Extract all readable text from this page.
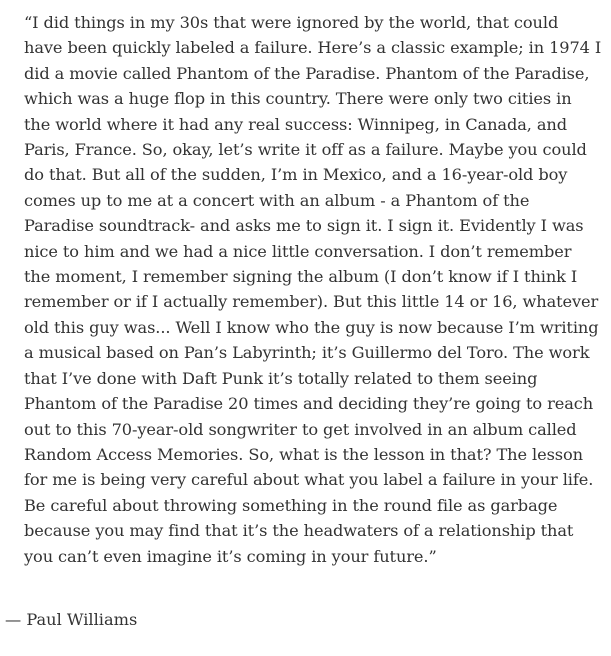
“I did things in my 30s that were ignored by the world, that could
have been quickly labeled a failure. Here’s a classic example; in 1974 I
did a movie called Phantom of the Paradise. Phantom of the Paradise,
which was a huge flop in this country. There were only two cities in
the world where it had any real success: Winnipeg, in Canada, and
Paris, France. So, okay, let’s write it off as a failure. Maybe you could
do that. But all of the sudden, I’m in Mexico, and a 16-year-old boy
comes up to me at a concert with an album - a Phantom of the
Paradise soundtrack- and asks me to sign it. I sign it. Evidently I was
nice to him and we had a nice little conversation. I don’t remember
the moment, I remember signing the album (I don’t know if I think I
remember or if I actually remember). But this little 14 or 16, whatever
old this guy was... Well I know who the guy is now because I’m writing
a musical based on Pan’s Labyrinth; it’s Guillermo del Toro. The work
that I’ve done with Daft Punk it’s totally related to them seeing
Phantom of the Paradise 20 times and deciding they’re going to reach
out to this 70-year-old songwriter to get involved in an album called
Random Access Memories. So, what is the lesson in that? The lesson
for me is being very careful about what you label a failure in your life.
Be careful about throwing something in the round file as garbage
because you may find that it’s the headwaters of a relationship that
you can’t even imagine it’s coming in your future.”

— Paul Williams
